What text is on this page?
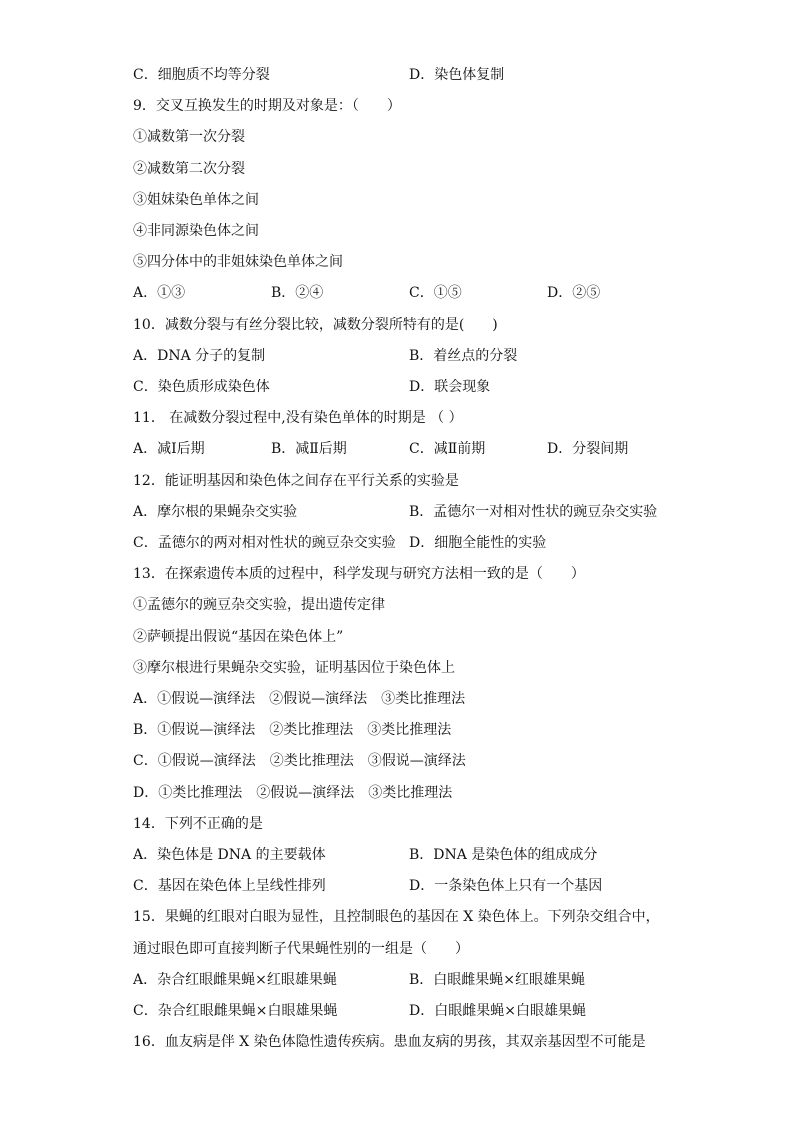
C．细胞质不均等分裂	D．染色体复制
9．交叉互换发生的时期及对象是：（　　）
①减数第一次分裂
②减数第二次分裂
③姐妹染色单体之间
④非同源染色体之间
⑤四分体中的非姐妹染色单体之间
A．①③	B．②④	C．①⑤	D．②⑤
10．减数分裂与有丝分裂比较，减数分裂所特有的是(　　)
A．DNA 分子的复制	B．着丝点的分裂
C．染色质形成染色体	D．联会现象
11． 在减数分裂过程中,没有染色单体的时期是 （ ）
A．减Ⅰ后期	B．减Ⅱ后期	C．减Ⅱ前期	D．分裂间期
12．能证明基因和染色体之间存在平行关系的实验是
A．摩尔根的果蝇杂交实验	B．孟德尔一对相对性状的豌豆杂交实验
C．孟德尔的两对相对性状的豌豆杂交实验 D．细胞全能性的实验
13．在探索遗传本质的过程中，科学发现与研究方法相一致的是（　　）
①孟德尔的豌豆杂交实验，提出遗传定律
②萨顿提出假说“基因在染色体上”
③摩尔根进行果蝇杂交实验，证明基因位于染色体上
A．①假说—演绎法　②假说—演绎法　③类比推理法
B．①假说—演绎法　②类比推理法　③类比推理法
C．①假说—演绎法　②类比推理法　③假说—演绎法
D．①类比推理法　②假说—演绎法　③类比推理法
14．下列不正确的是
A．染色体是 DNA 的主要载体	B．DNA 是染色体的组成成分
C．基因在染色体上呈线性排列	D．一条染色体上只有一个基因
15．果蝇的红眼对白眼为显性，且控制眼色的基因在 X 染色体上。下列杂交组合中，
通过眼色即可直接判断子代果蝇性别的一组是（　　）
A．杂合红眼雌果蝇×红眼雄果蝇	B．白眼雌果蝇×红眼雄果蝇
C．杂合红眼雌果蝇×白眼雄果蝇	D．白眼雌果蝇×白眼雄果蝇
16．血友病是伴 X 染色体隐性遗传疾病。患血友病的男孩，其双亲基因型不可能是
